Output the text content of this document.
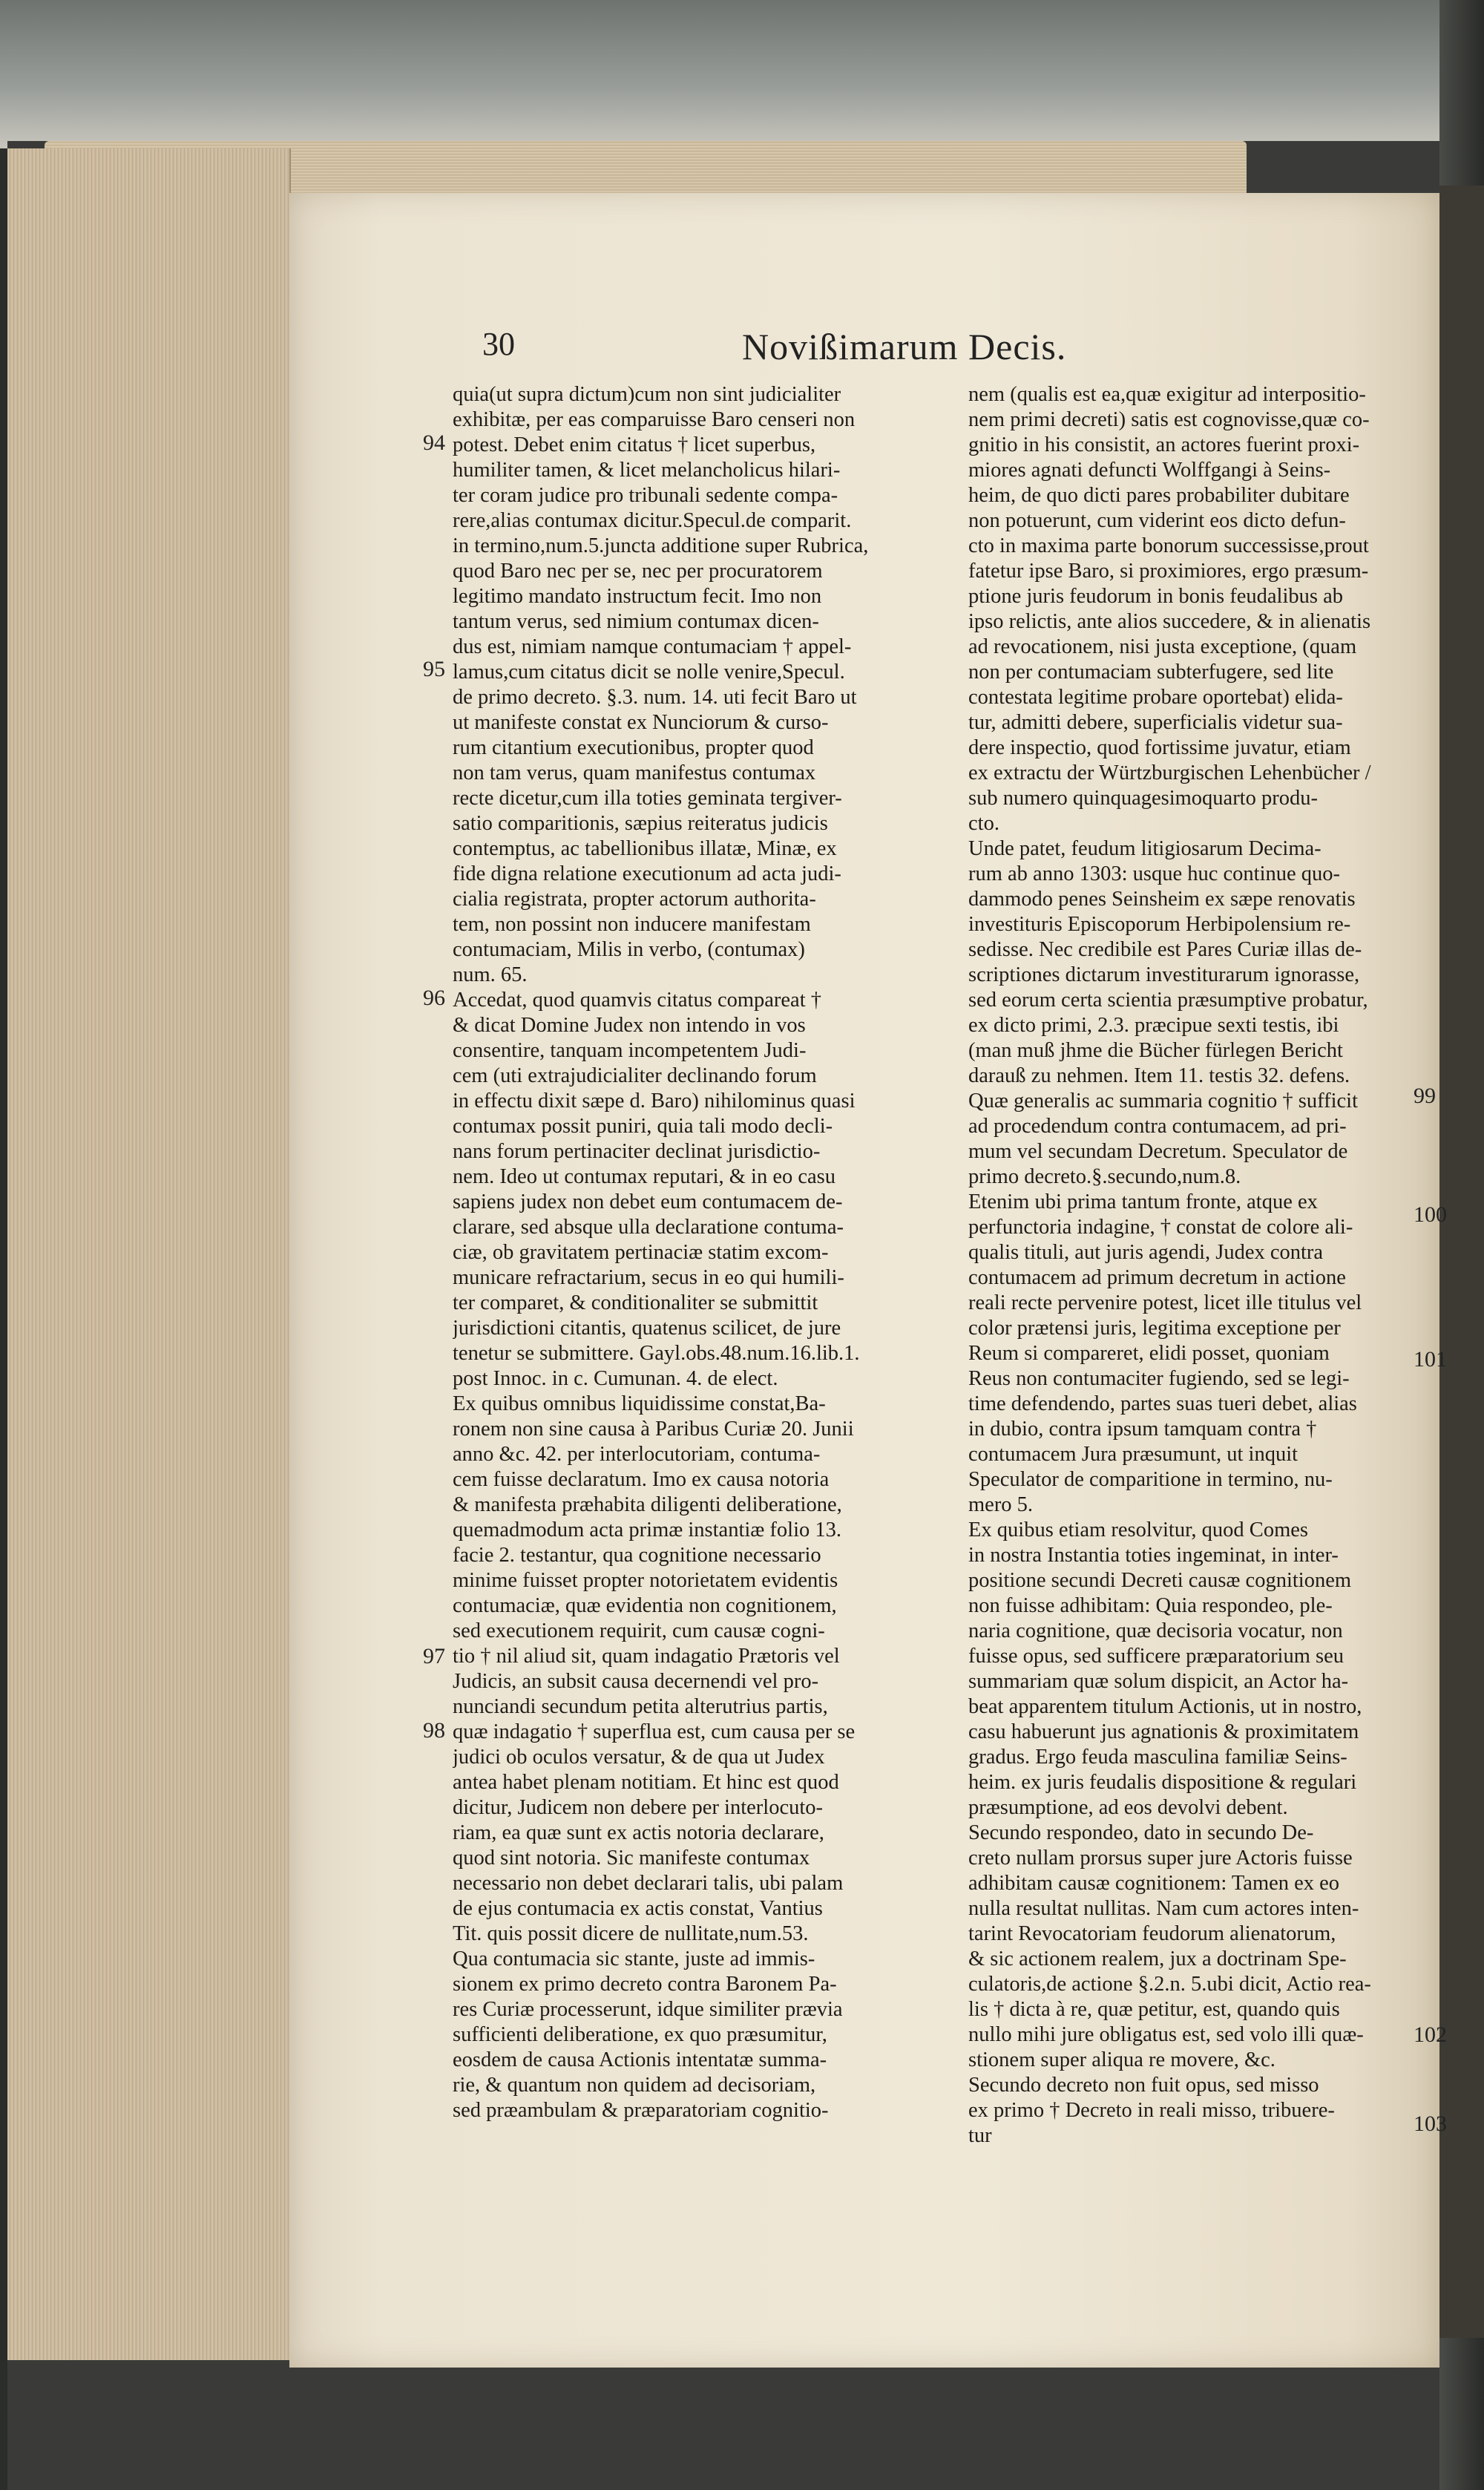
30	Novißimarum Decis.
quia(ut supra dictum)cum non sint judicialiter
exhibitæ, per eas comparuisse Baro censeri non
potest. Debet enim citatus † licet superbus,
humiliter tamen, & licet melancholicus hilari-
ter coram judice pro tribunali sedente compa-
rere,alias contumax dicitur.Specul.de comparit.
in termino,num.5.juncta additione super Rubrica,
quod Baro nec per se, nec per procuratorem
legitimo mandato instructum fecit. Imo non
tantum verus, sed nimium contumax dicen-
dus est, nimiam namque contumaciam † appel-
lamus,cum citatus dicit se nolle venire,Specul.
de primo decreto. §.3. num. 14. uti fecit Baro ut
ut manifeste constat ex Nunciorum & curso-
rum citantium executionibus, propter quod
non tam verus, quam manifestus contumax
recte dicetur,cum illa toties geminata tergiver-
satio comparitionis, sæpius reiteratus judicis
contemptus, ac tabellionibus illatæ, Minæ, ex
fide digna relatione executionum ad acta judi-
cialia registrata, propter actorum authorita-
tem, non possint non inducere manifestam
contumaciam, Milis in verbo, (contumax)
num. 65.
Accedat, quod quamvis citatus compareat †
& dicat Domine Judex non intendo in vos
consentire, tanquam incompetentem Judi-
cem (uti extrajudicialiter declinando forum
in effectu dixit sæpe d. Baro) nihilominus quasi
contumax possit puniri, quia tali modo decli-
nans forum pertinaciter declinat jurisdictio-
nem. Ideo ut contumax reputari, & in eo casu
sapiens judex non debet eum contumacem de-
clarare, sed absque ulla declaratione contuma-
ciæ, ob gravitatem pertinaciæ statim excom-
municare refractarium, secus in eo qui humili-
ter comparet, & conditionaliter se submittit
jurisdictioni citantis, quatenus scilicet, de jure
tenetur se submittere. Gayl.obs.48.num.16.lib.1.
post Innoc. in c. Cumunan. 4. de elect.
Ex quibus omnibus liquidissime constat,Ba-
ronem non sine causa à Paribus Curiæ 20. Junii
anno &c. 42. per interlocutoriam, contuma-
cem fuisse declaratum. Imo ex causa notoria
& manifesta præhabita diligenti deliberatione,
quemadmodum acta primæ instantiæ folio 13.
facie 2. testantur, qua cognitione necessario
minime fuisset propter notorietatem evidentis
contumaciæ, quæ evidentia non cognitionem,
sed executionem requirit, cum causæ cogni-
tio † nil aliud sit, quam indagatio Prætoris vel
Judicis, an subsit causa decernendi vel pro-
nunciandi secundum petita alterutrius partis,
quæ indagatio † superflua est, cum causa per se
judici ob oculos versatur, & de qua ut Judex
antea habet plenam notitiam. Et hinc est quod
dicitur, Judicem non debere per interlocuto-
riam, ea quæ sunt ex actis notoria declarare,
quod sint notoria. Sic manifeste contumax
necessario non debet declarari talis, ubi palam
de ejus contumacia ex actis constat, Vantius
Tit. quis possit dicere de nullitate,num.53.
Qua contumacia sic stante, juste ad immis-
sionem ex primo decreto contra Baronem Pa-
res Curiæ processerunt, idque similiter prævia
sufficienti deliberatione, ex quo præsumitur,
eosdem de causa Actionis intentatæ summa-
rie, & quantum non quidem ad decisoriam,
sed præambulam & præparatoriam cognitio-
nem (qualis est ea,quæ exigitur ad interpositio-
nem primi decreti) satis est cognovisse,quæ co-
gnitio in his consistit, an actores fuerint proxi-
miores agnati defuncti Wolffgangi à Seins-
heim, de quo dicti pares probabiliter dubitare
non potuerunt, cum viderint eos dicto defun-
cto in maxima parte bonorum successisse,prout
fatetur ipse Baro, si proximiores, ergo præsum-
ptione juris feudorum in bonis feudalibus ab
ipso relictis, ante alios succedere, & in alienatis
ad revocationem, nisi justa exceptione, (quam
non per contumaciam subterfugere, sed lite
contestata legitime probare oportebat) elida-
tur, admitti debere, superficialis videtur sua-
dere inspectio, quod fortissime juvatur, etiam
ex extractu der Würtzburgischen Lehenbücher /
sub numero quinquagesimoquarto produ-
cto.
Unde patet, feudum litigiosarum Decima-
rum ab anno 1303: usque huc continue quo-
dammodo penes Seinsheim ex sæpe renovatis
investituris Episcoporum Herbipolensium re-
sedisse. Nec credibile est Pares Curiæ illas de-
scriptiones dictarum investiturarum ignorasse,
sed eorum certa scientia præsumptive probatur,
ex dicto primi, 2.3. præcipue sexti testis, ibi
(man muß jhme die Bücher fürlegen Bericht
darauß zu nehmen. Item 11. testis 32. defens.
Quæ generalis ac summaria cognitio † sufficit
ad procedendum contra contumacem, ad pri-
mum vel secundam Decretum. Speculator de
primo decreto.§.secundo,num.8.
Etenim ubi prima tantum fronte, atque ex
perfunctoria indagine, † constat de colore ali-
qualis tituli, aut juris agendi, Judex contra
contumacem ad primum decretum in actione
reali recte pervenire potest, licet ille titulus vel
color prætensi juris, legitima exceptione per
Reum si compareret, elidi posset, quoniam
Reus non contumaciter fugiendo, sed se legi-
time defendendo, partes suas tueri debet, alias
in dubio, contra ipsum tamquam contra †
contumacem Jura præsumunt, ut inquit
Speculator de comparitione in termino, nu-
mero 5.
Ex quibus etiam resolvitur, quod Comes
in nostra Instantia toties ingeminat, in inter-
positione secundi Decreti causæ cognitionem
non fuisse adhibitam: Quia respondeo, ple-
naria cognitione, quæ decisoria vocatur, non
fuisse opus, sed sufficere præparatorium seu
summariam quæ solum dispicit, an Actor ha-
beat apparentem titulum Actionis, ut in nostro,
casu habuerunt jus agnationis & proximitatem
gradus. Ergo feuda masculina familiæ Seins-
heim. ex juris feudalis dispositione & regulari
præsumptione, ad eos devolvi debent.
Secundo respondeo, dato in secundo De-
creto nullam prorsus super jure Actoris fuisse
adhibitam causæ cognitionem: Tamen ex eo
nulla resultat nullitas. Nam cum actores inten-
tarint Revocatoriam feudorum alienatorum,
& sic actionem realem, jux a doctrinam Spe-
culatoris,de actione §.2.n. 5.ubi dicit, Actio rea-
lis † dicta à re, quæ petitur, est, quando quis
nullo mihi jure obligatus est, sed volo illi quæ-
stionem super aliqua re movere, &c.
Secundo decreto non fuit opus, sed misso
ex primo † Decreto in reali misso, tribuere-
tur
94
95
96
97
98
99
100
101
102
103
